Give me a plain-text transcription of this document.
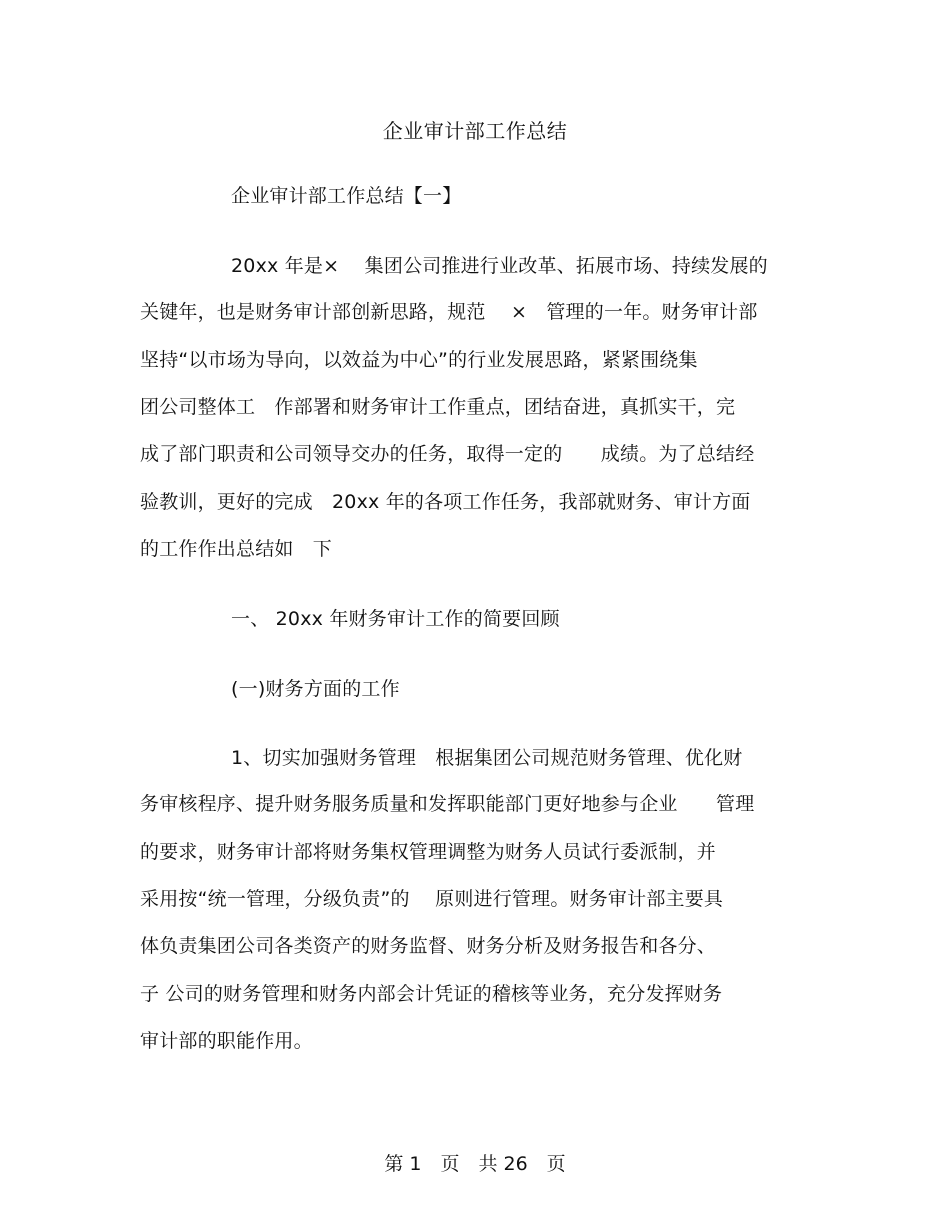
企业审计部工作总结
企业审计部工作总结【一】
20xx 年是×　 集团公司推进行业改革、拓展市场、持续发展的
关键年，也是财务审计部创新思路，规范　 ×　管理的一年。财务审计部
坚持“以市场为导向，以效益为中心”的行业发展思路，紧紧围绕集
团公司整体工　作部署和财务审计工作重点，团结奋进，真抓实干，完
成了部门职责和公司领导交办的任务，取得一定的　　成绩。为了总结经
验教训，更好的完成　20xx 年的各项工作任务，我部就财务、审计方面
的工作作出总结如　下
一、 20xx 年财务审计工作的简要回顾
(一)财务方面的工作
1、切实加强财务管理　根据集团公司规范财务管理、优化财
务审核程序、提升财务服务质量和发挥职能部门更好地参与企业　　管理
的要求，财务审计部将财务集权管理调整为财务人员试行委派制，并
采用按“统一管理，分级负责”的　 原则进行管理。财务审计部主要具
体负责集团公司各类资产的财务监督、财务分析及财务报告和各分、
子 公司的财务管理和财务内部会计凭证的稽核等业务，充分发挥财务
审计部的职能作用。
第 1　页　共 26　页
